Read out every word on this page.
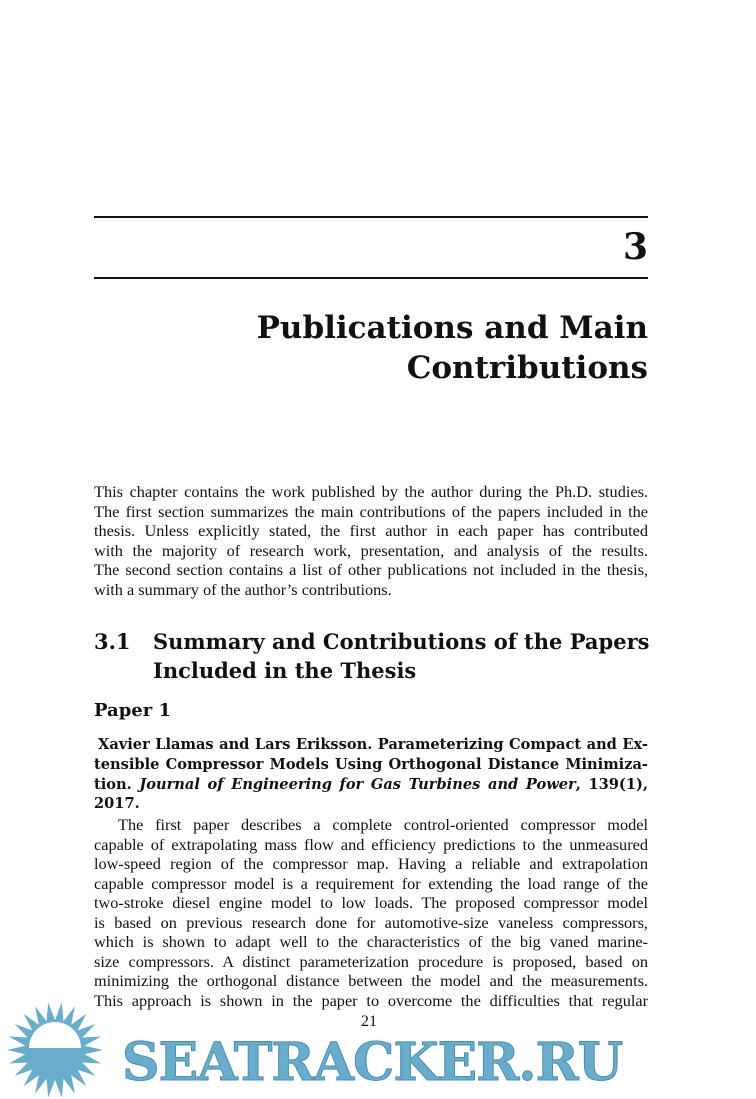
3
Publications and Main
Contributions
This chapter contains the work published by the author during the Ph.D. studies.
The first section summarizes the main contributions of the papers included in the
thesis. Unless explicitly stated, the first author in each paper has contributed
with the majority of research work, presentation, and analysis of the results.
The second section contains a list of other publications not included in the thesis,
with a summary of the author’s contributions.
3.1 Summary and Contributions of the Papers
Included in the Thesis
Paper 1
Xavier Llamas and Lars Eriksson. Parameterizing Compact and Ex-
tensible Compressor Models Using Orthogonal Distance Minimiza-
tion. Journal of Engineering for Gas Turbines and Power, 139(1),
2017.
The first paper describes a complete control-oriented compressor model
capable of extrapolating mass flow and efficiency predictions to the unmeasured
low-speed region of the compressor map. Having a reliable and extrapolation
capable compressor model is a requirement for extending the load range of the
two-stroke diesel engine model to low loads. The proposed compressor model
is based on previous research done for automotive-size vaneless compressors,
which is shown to adapt well to the characteristics of the big vaned marine-
size compressors. A distinct parameterization procedure is proposed, based on
minimizing the orthogonal distance between the model and the measurements.
This approach is shown in the paper to overcome the difficulties that regular
21
SEATRACKER.RU
